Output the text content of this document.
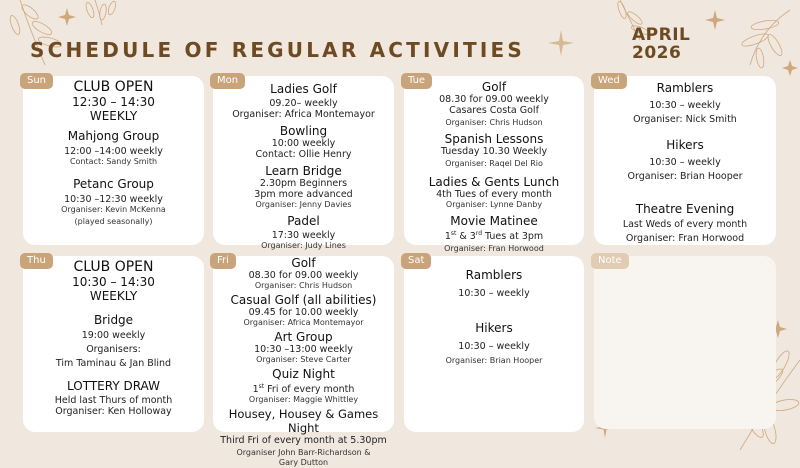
SCHEDULE OF REGULAR ACTIVITIES
APRIL
2026
Sun	CLUB OPEN
12:30 – 14:30
WEEKLY
Mahjong Group
12:00 –14:00 weekly
Contact: Sandy Smith
Petanc Group
10:30 –12:30 weekly
Organiser: Kevin McKenna
(played seasonally)
Mon
Ladies Golf
09.20– weekly
Organiser: Africa Montemayor
Bowling
10:00 weekly
Contact: Ollie Henry
Learn Bridge
2.30pm Beginners
3pm more advanced
Organiser: Jenny Davies
Padel
17:30 weekly
Organiser: Judy Lines
Tue	Golf
08.30 for 09.00 weekly
Casares Costa Golf
Organiser: Chris Hudson
Spanish Lessons
Tuesday 10.30 Weekly
Organiser: Raqel Del Rio
Ladies & Gents Lunch
4th Tues of every month
Organiser: Lynne Danby
Movie Matinee
1st & 3rd Tues at 3pm
Organiser: Fran Horwood
Wed
Ramblers
10:30 – weekly
Organiser: Nick Smith
Hikers
10:30 – weekly
Organiser: Brian Hooper
Theatre Evening
Last Weds of every month
Organiser: Fran Horwood
Thu	CLUB OPEN
10:30 – 14:30
WEEKLY
Bridge
19:00 weekly
Organisers:
Tim Taminau & Jan Blind
LOTTERY DRAW
Held last Thurs of month
Organiser: Ken Holloway
Fri	Golf
08.30 for 09.00 weekly
Organiser: Chris Hudson
Casual Golf (all abilities)
09.45 for 10.00 weekly
Organiser: Africa Montemayor
Art Group
10:30 –13:00 weekly
Organiser: Steve Carter
Quiz Night
1st Fri of every month
Organiser: Maggie Whittley
Housey, Housey & Games Night
Third Fri of every month at 5.30pm
Organiser John Barr-Richardson &
Gary Dutton
Sat
Ramblers
10:30 – weekly
Hikers
10:30 – weekly
Organiser: Brian Hooper
Note
